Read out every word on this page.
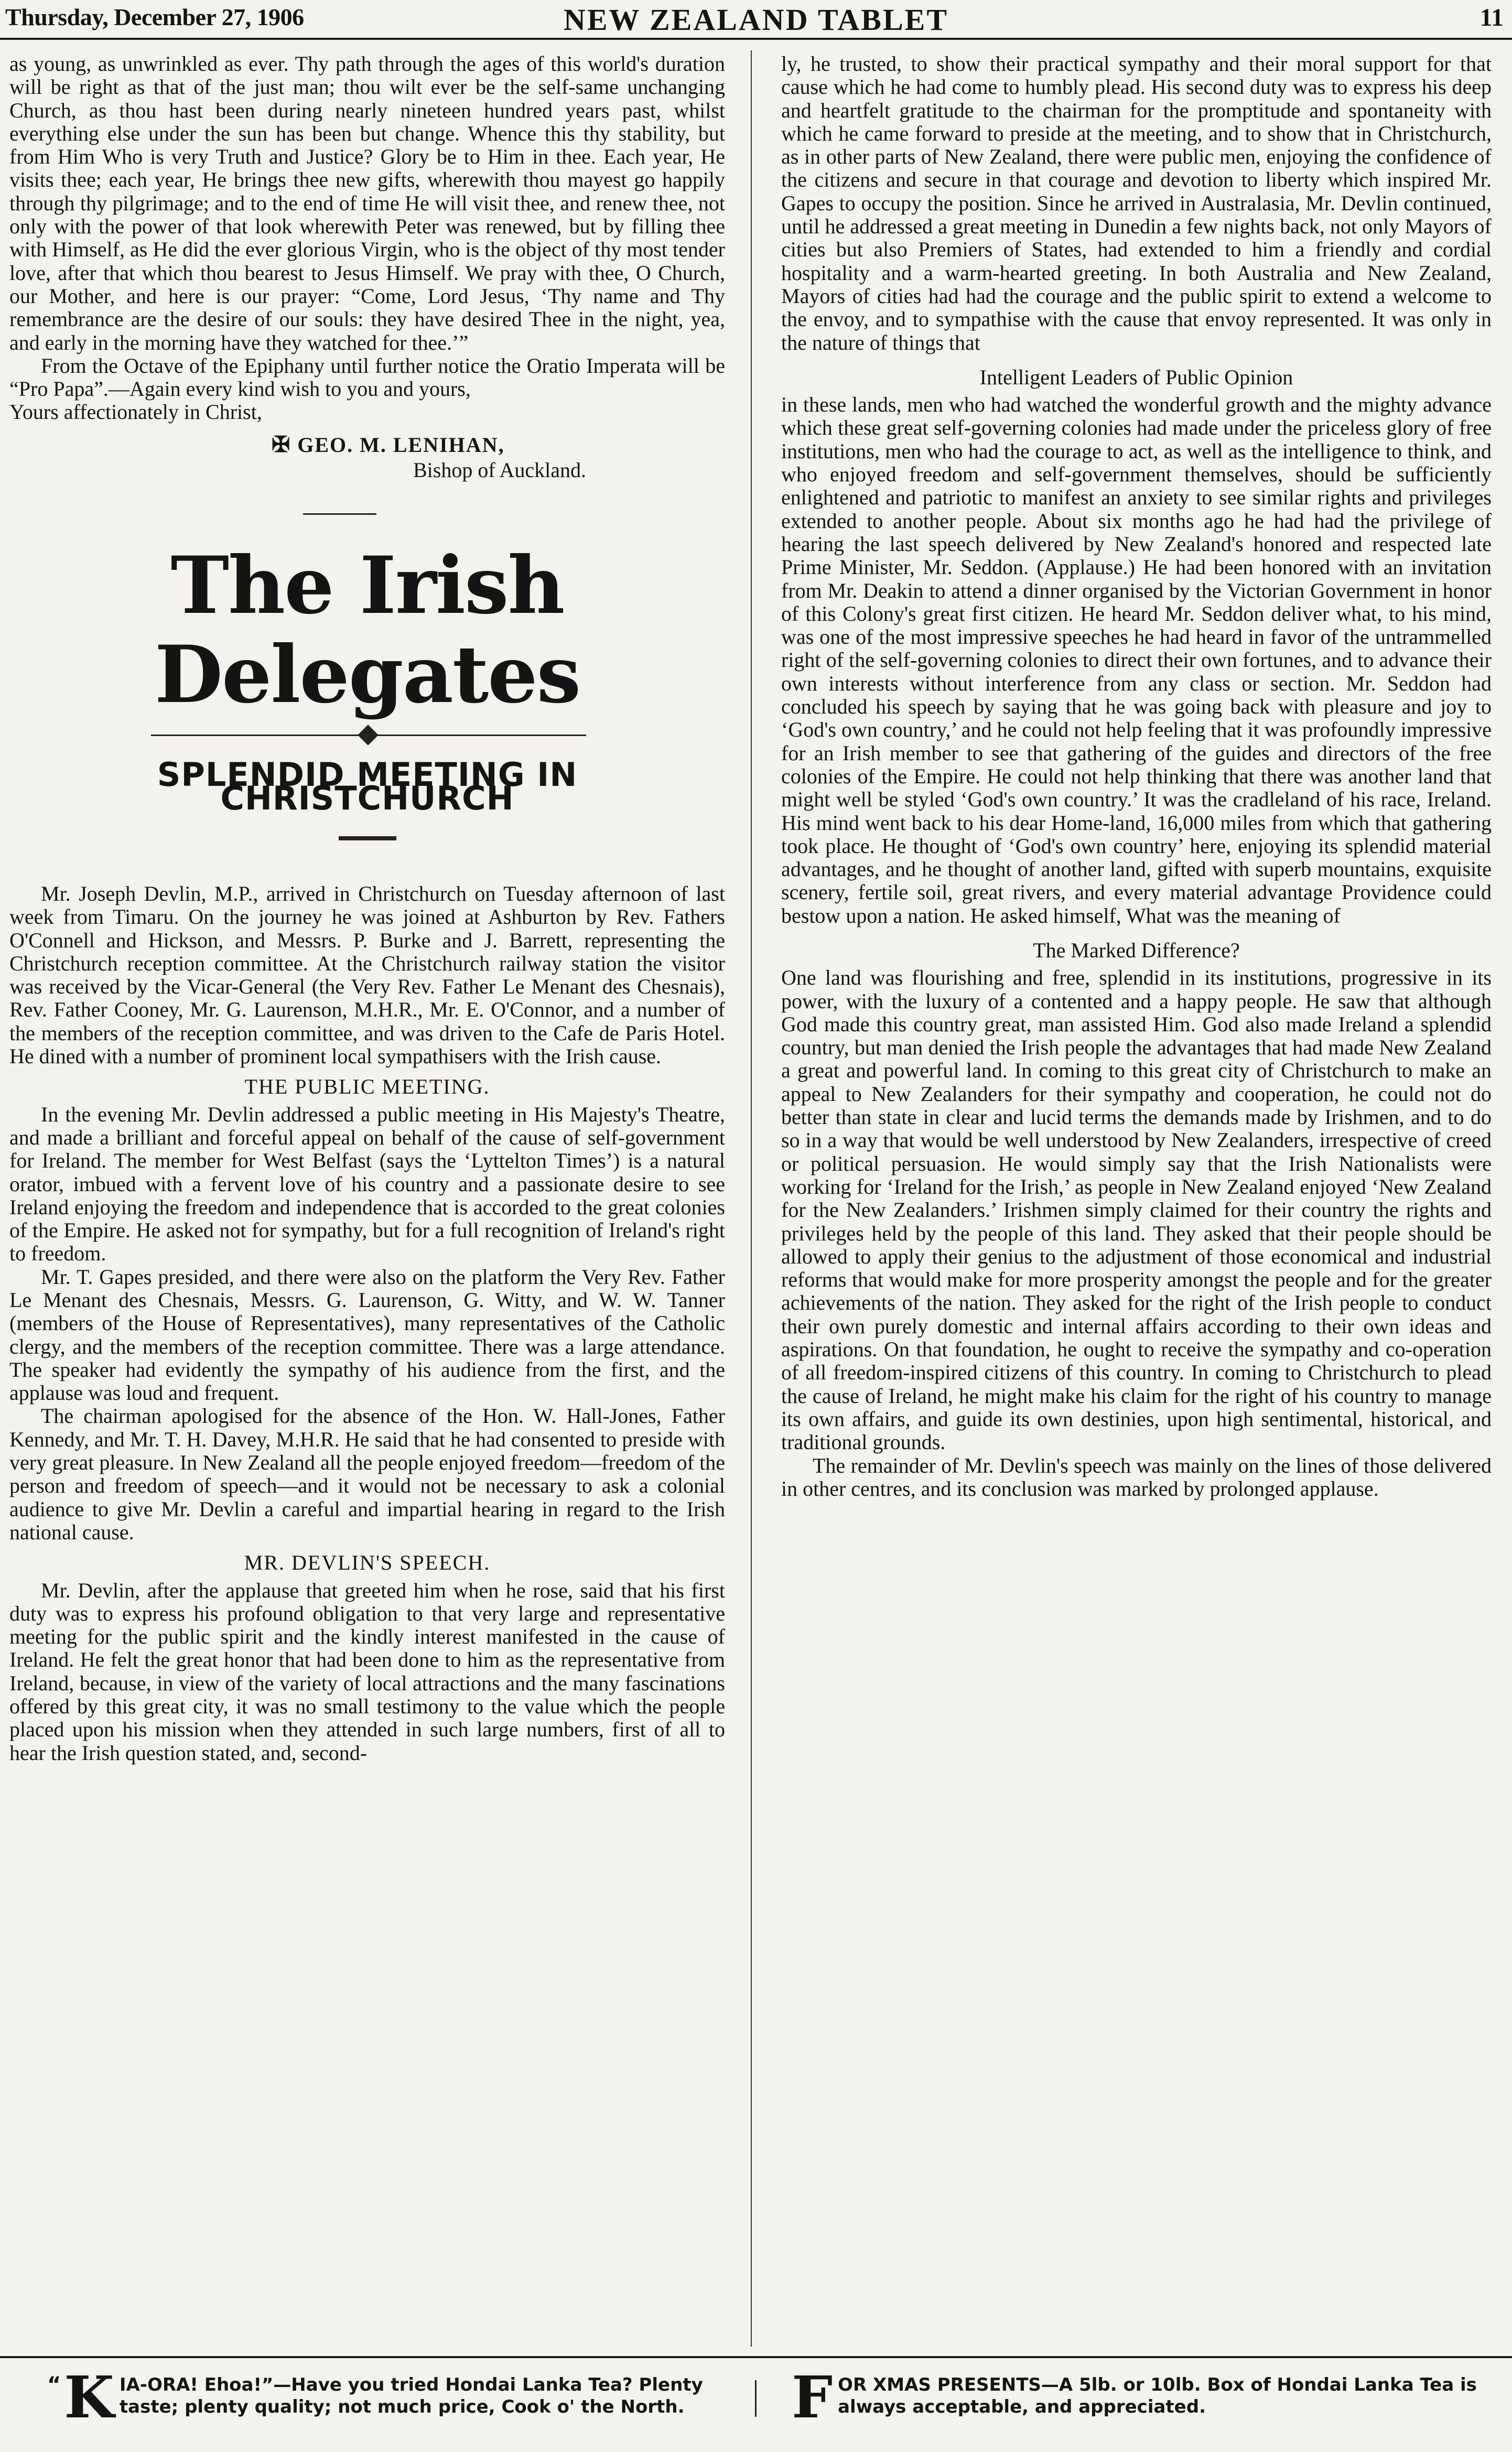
Thursday, December 27, 1906	NEW ZEALAND TABLET	11

as young, as unwrinkled as ever. Thy path through the ages of this world's duration will be right as that of the just man; thou wilt ever be the self-same unchanging Church, as thou hast been during nearly nineteen hundred years past, whilst everything else under the sun has been but change. Whence this thy stability, but from Him Who is very Truth and Justice? Glory be to Him in thee. Each year, He visits thee; each year, He brings thee new gifts, wherewith thou mayest go happily through thy pilgrimage; and to the end of time He will visit thee, and renew thee, not only with the power of that look wherewith Peter was renewed, but by filling thee with Himself, as He did the ever glorious Virgin, who is the object of thy most tender love, after that which thou bearest to Jesus Himself. We pray with thee, O Church, our Mother, and here is our prayer: “Come, Lord Jesus, ‘Thy name and Thy remembrance are the desire of our souls: they have desired Thee in the night, yea, and early in the morning have they watched for thee.’”

From the Octave of the Epiphany until further notice the Oratio Imperata will be “Pro Papa”.—Again every kind wish to you and yours,

Yours affectionately in Christ,

✠ GEO. M. LENIHAN,
Bishop of Auckland.
The Irish Delegates
SPLENDID MEETING IN CHRISTCHURCH

Mr. Joseph Devlin, M.P., arrived in Christchurch on Tuesday afternoon of last week from Timaru. On the journey he was joined at Ashburton by Rev. Fathers O'Connell and Hickson, and Messrs. P. Burke and J. Barrett, representing the Christchurch reception committee. At the Christchurch railway station the visitor was received by the Vicar-General (the Very Rev. Father Le Menant des Chesnais), Rev. Father Cooney, Mr. G. Laurenson, M.H.R., Mr. E. O'Connor, and a number of the members of the reception committee, and was driven to the Cafe de Paris Hotel. He dined with a number of prominent local sympathisers with the Irish cause.

THE PUBLIC MEETING.

In the evening Mr. Devlin addressed a public meeting in His Majesty's Theatre, and made a brilliant and forceful appeal on behalf of the cause of self-government for Ireland. The member for West Belfast (says the ‘Lyttelton Times’) is a natural orator, imbued with a fervent love of his country and a passionate desire to see Ireland enjoying the freedom and independence that is accorded to the great colonies of the Empire. He asked not for sympathy, but for a full recognition of Ireland's right to freedom.

Mr. T. Gapes presided, and there were also on the platform the Very Rev. Father Le Menant des Chesnais, Messrs. G. Laurenson, G. Witty, and W. W. Tanner (members of the House of Representatives), many representatives of the Catholic clergy, and the members of the reception committee. There was a large attendance. The speaker had evidently the sympathy of his audience from the first, and the applause was loud and frequent.

The chairman apologised for the absence of the Hon. W. Hall-Jones, Father Kennedy, and Mr. T. H. Davey, M.H.R. He said that he had consented to preside with very great pleasure. In New Zealand all the people enjoyed freedom—freedom of the person and freedom of speech—and it would not be necessary to ask a colonial audience to give Mr. Devlin a careful and impartial hearing in regard to the Irish national cause.

MR. DEVLIN'S SPEECH.

Mr. Devlin, after the applause that greeted him when he rose, said that his first duty was to express his profound obligation to that very large and representative meeting for the public spirit and the kindly interest manifested in the cause of Ireland. He felt the great honor that had been done to him as the representative from Ireland, because, in view of the variety of local attractions and the many fascinations offered by this great city, it was no small testimony to the value which the people placed upon his mission when they attended in such large numbers, first of all to hear the Irish question stated, and, second-

ly, he trusted, to show their practical sympathy and their moral support for that cause which he had come to humbly plead. His second duty was to express his deep and heartfelt gratitude to the chairman for the promptitude and spontaneity with which he came forward to preside at the meeting, and to show that in Christchurch, as in other parts of New Zealand, there were public men, enjoying the confidence of the citizens and secure in that courage and devotion to liberty which inspired Mr. Gapes to occupy the position. Since he arrived in Australasia, Mr. Devlin continued, until he addressed a great meeting in Dunedin a few nights back, not only Mayors of cities but also Premiers of States, had extended to him a friendly and cordial hospitality and a warm-hearted greeting. In both Australia and New Zealand, Mayors of cities had had the courage and the public spirit to extend a welcome to the envoy, and to sympathise with the cause that envoy represented. It was only in the nature of things that

Intelligent Leaders of Public Opinion

in these lands, men who had watched the wonderful growth and the mighty advance which these great self-governing colonies had made under the priceless glory of free institutions, men who had the courage to act, as well as the intelligence to think, and who enjoyed freedom and self-government themselves, should be sufficiently enlightened and patriotic to manifest an anxiety to see similar rights and privileges extended to another people. About six months ago he had had the privilege of hearing the last speech delivered by New Zealand's honored and respected late Prime Minister, Mr. Seddon. (Applause.) He had been honored with an invitation from Mr. Deakin to attend a dinner organised by the Victorian Government in honor of this Colony's great first citizen. He heard Mr. Seddon deliver what, to his mind, was one of the most impressive speeches he had heard in favor of the untrammelled right of the self-governing colonies to direct their own fortunes, and to advance their own interests without interference from any class or section. Mr. Seddon had concluded his speech by saying that he was going back with pleasure and joy to ‘God's own country,’ and he could not help feeling that it was profoundly impressive for an Irish member to see that gathering of the guides and directors of the free colonies of the Empire. He could not help thinking that there was another land that might well be styled ‘God's own country.’ It was the cradleland of his race, Ireland. His mind went back to his dear Home-land, 16,000 miles from which that gathering took place. He thought of ‘God's own country’ here, enjoying its splendid material advantages, and he thought of another land, gifted with superb mountains, exquisite scenery, fertile soil, great rivers, and every material advantage Providence could bestow upon a nation. He asked himself, What was the meaning of

The Marked Difference?

One land was flourishing and free, splendid in its institutions, progressive in its power, with the luxury of a contented and a happy people. He saw that although God made this country great, man assisted Him. God also made Ireland a splendid country, but man denied the Irish people the advantages that had made New Zealand a great and powerful land. In coming to this great city of Christchurch to make an appeal to New Zealanders for their sympathy and cooperation, he could not do better than state in clear and lucid terms the demands made by Irishmen, and to do so in a way that would be well understood by New Zealanders, irrespective of creed or political persuasion. He would simply say that the Irish Nationalists were working for ‘Ireland for the Irish,’ as people in New Zealand enjoyed ‘New Zealand for the New Zealanders.’ Irishmen simply claimed for their country the rights and privileges held by the people of this land. They asked that their people should be allowed to apply their genius to the adjustment of those economical and industrial reforms that would make for more prosperity amongst the people and for the greater achievements of the nation. They asked for the right of the Irish people to conduct their own purely domestic and internal affairs according to their own ideas and aspirations. On that foundation, he ought to receive the sympathy and co-operation of all freedom-inspired citizens of this country. In coming to Christchurch to plead the cause of Ireland, he might make his claim for the right of his country to manage its own affairs, and guide its own destinies, upon high sentimental, historical, and traditional grounds.

The remainder of Mr. Devlin's speech was mainly on the lines of those delivered in other centres, and its conclusion was marked by prolonged applause.

“ K IA-ORA! Ehoa!”—Have you tried Hondai Lanka Tea? Plenty taste; plenty quality; not much price, Cook o' the North.	FOR XMAS PRESENTS—A 5lb. or 10lb. Box of Hondai Lanka Tea is always acceptable, and appreciated.
